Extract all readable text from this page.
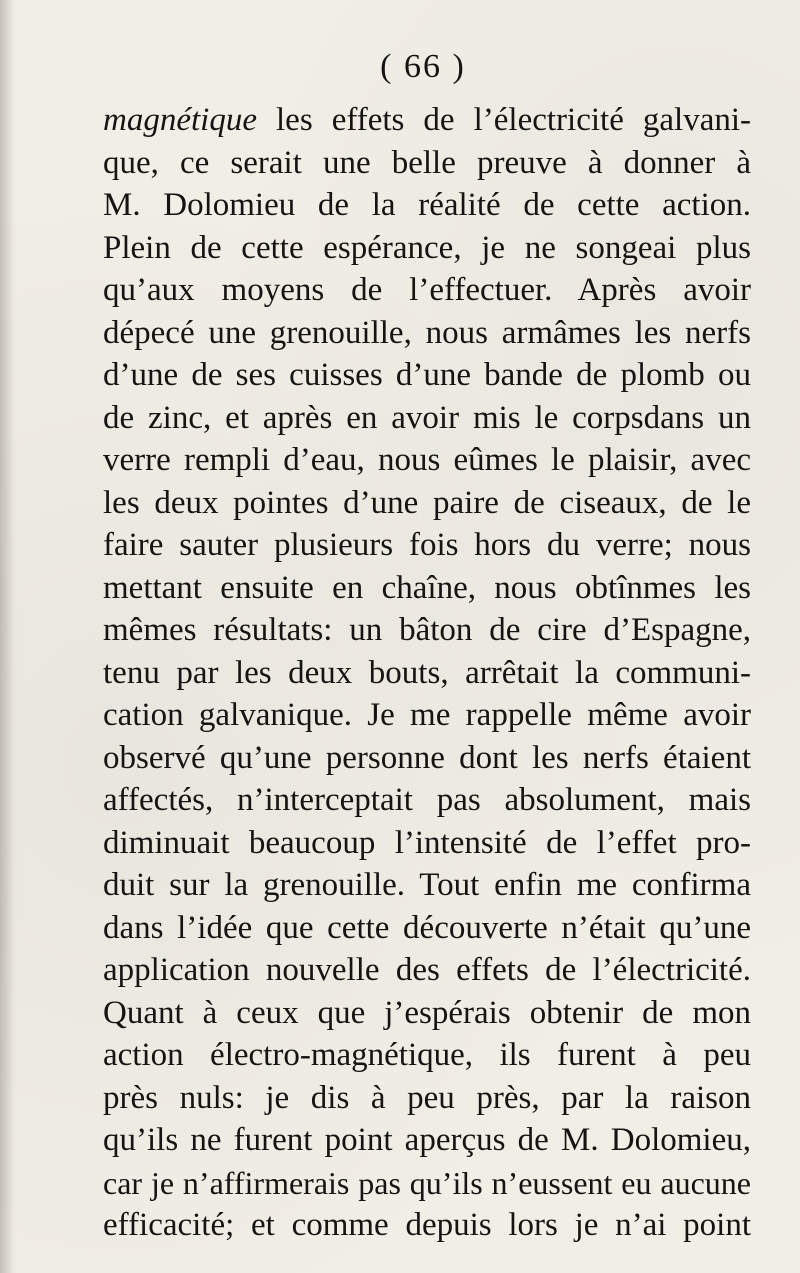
( 66 )
magnétique les effets de l’électricité galvani-
que, ce serait une belle preuve à donner à
M. Dolomieu de la réalité de cette action.
Plein de cette espérance, je ne songeai plus
qu’aux moyens de l’effectuer. Après avoir
dépecé une grenouille, nous armâmes les nerfs
d’une de ses cuisses d’une bande de plomb ou
de zinc, et après en avoir mis le corpsdans un
verre rempli d’eau, nous eûmes le plaisir, avec
les deux pointes d’une paire de ciseaux, de le
faire sauter plusieurs fois hors du verre; nous
mettant ensuite en chaîne, nous obtînmes les
mêmes résultats: un bâton de cire d’Espagne,
tenu par les deux bouts, arrêtait la communi-
cation galvanique. Je me rappelle même avoir
observé qu’une personne dont les nerfs étaient
affectés, n’interceptait pas absolument, mais
diminuait beaucoup l’intensité de l’effet pro-
duit sur la grenouille. Tout enfin me confirma
dans l’idée que cette découverte n’était qu’une
application nouvelle des effets de l’électricité.
Quant à ceux que j’espérais obtenir de mon
action électro-magnétique, ils furent à peu
près nuls: je dis à peu près, par la raison
qu’ils ne furent point aperçus de M. Dolomieu,
car je n’affirmerais pas qu’ils n’eussent eu aucune
efficacité; et comme depuis lors je n’ai point
